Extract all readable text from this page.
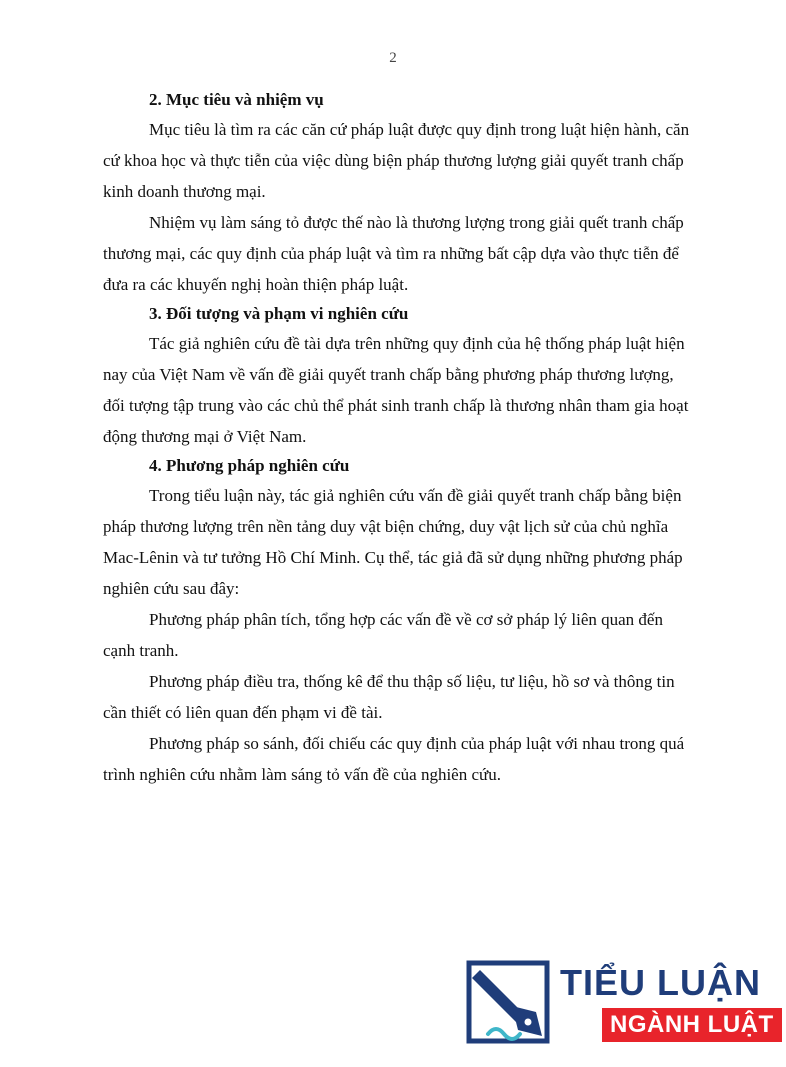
2

2. Mục tiêu và nhiệm vụ

Mục tiêu là tìm ra các căn cứ pháp luật được quy định trong luật hiện hành, căn cứ khoa học và thực tiễn của việc dùng biện pháp thương lượng giải quyết tranh chấp kinh doanh thương mại.

Nhiệm vụ làm sáng tỏ được thế nào là thương lượng trong giải quết tranh chấp thương mại, các quy định của pháp luật và tìm ra những bất cập dựa vào thực tiễn để đưa ra các khuyến nghị hoàn thiện pháp luật.

3. Đối tượng và phạm vi nghiên cứu

Tác giả nghiên cứu đề tài dựa trên những quy định của hệ thống pháp luật hiện nay của Việt Nam về vấn đề giải quyết tranh chấp bằng phương pháp thương lượng, đối tượng tập trung vào các chủ thể phát sinh tranh chấp là thương nhân tham gia hoạt động thương mại ở Việt Nam.

4. Phương pháp nghiên cứu

Trong tiểu luận này, tác giả nghiên cứu vấn đề giải quyết tranh chấp bằng biện pháp thương lượng trên nền tảng duy vật biện chứng, duy vật lịch sử của chủ nghĩa Mac-Lênin và tư tưởng Hồ Chí Minh. Cụ thể, tác giả đã sử dụng những phương pháp nghiên cứu sau đây:

Phương pháp phân tích, tổng hợp các vấn đề về cơ sở pháp lý liên quan đến cạnh tranh.

Phương pháp điều tra, thống kê để thu thập số liệu, tư liệu, hồ sơ và thông tin cần thiết có liên quan đến phạm vi đề tài.

Phương pháp so sánh, đối chiếu các quy định của pháp luật với nhau trong quá trình nghiên cứu nhằm làm sáng tỏ vấn đề của nghiên cứu.

TIỂU LUẬN
NGÀNH LUẬT
